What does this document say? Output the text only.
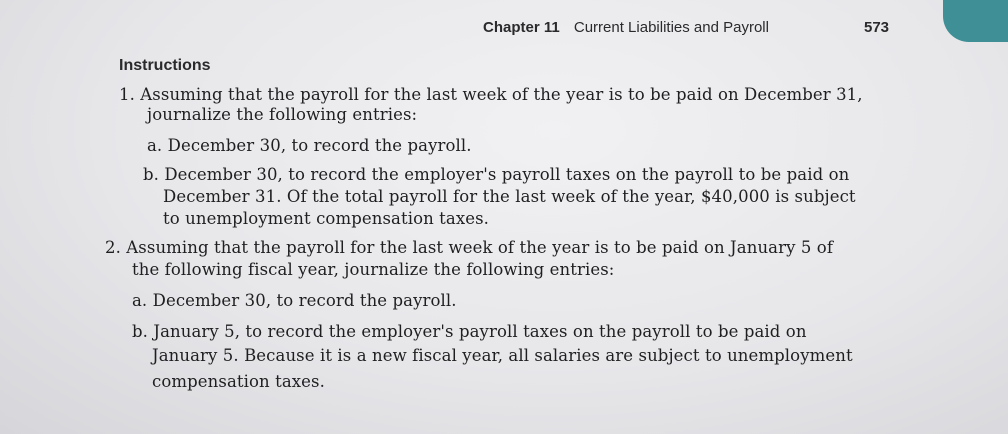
Chapter 11 Current Liabilities and Payroll	573
Instructions
1. Assuming that the payroll for the last week of the year is to be paid on December 31,
journalize the following entries:
a. December 30, to record the payroll.
b. December 30, to record the employer's payroll taxes on the payroll to be paid on
December 31. Of the total payroll for the last week of the year, $40,000 is subject
to unemployment compensation taxes.
2. Assuming that the payroll for the last week of the year is to be paid on January 5 of
the following fiscal year, journalize the following entries:
a. December 30, to record the payroll.
b. January 5, to record the employer's payroll taxes on the payroll to be paid on
January 5. Because it is a new fiscal year, all salaries are subject to unemployment
compensation taxes.
